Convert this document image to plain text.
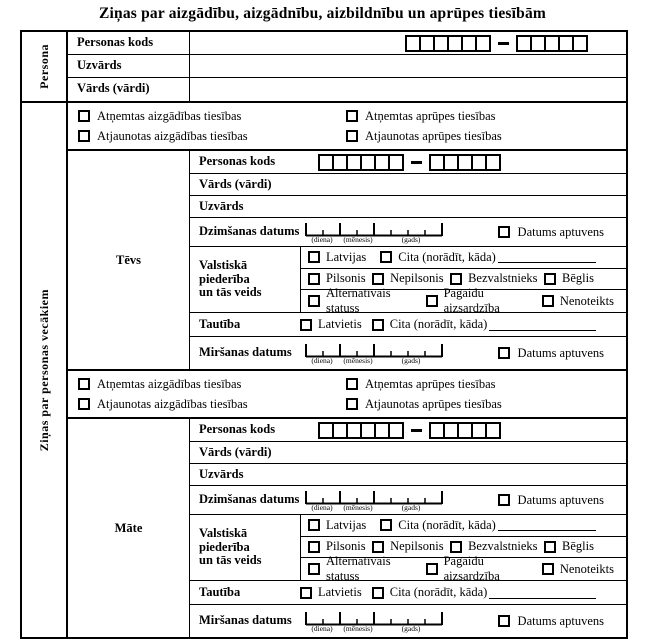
Ziņas par aizgādību, aizgādnību, aizbildnību un aprūpes tiesībām
Persona
Personas kods
Uzvārds
Vārds (vārdi)
Ziņas par personas vecākiem
Atņemtas aizgādības tiesības	Atņemtas aprūpes tiesības
Atjaunotas aizgādības tiesības	Atjaunotas aprūpes tiesības
Tēvs
Personas kods
Vārds (vārdi)
Uzvārds
Dzimšanas datums
(diena)	(mēnesis)	(gads)
Datums aptuvens
Valstiskā piederība
un tās veids
Latvijas	Cita (norādīt, kāda)
Pilsonis Nepilsonis Bezvalstnieks Bēglis
Alternatīvais statuss
Pagaidu aizsardzība
Nenoteikts
Tautība	Latvietis Cita (norādīt, kāda)
Miršanas datums
(diena)	(mēnesis)	(gads)
Datums aptuvens
Atņemtas aizgādības tiesības	Atņemtas aprūpes tiesības
Atjaunotas aizgādības tiesības	Atjaunotas aprūpes tiesības
Māte
Personas kods
Vārds (vārdi)
Uzvārds
Dzimšanas datums
(diena)	(mēnesis)	(gads)
Datums aptuvens
Valstiskā piederība
un tās veids
Latvijas	Cita (norādīt, kāda)
Pilsonis Nepilsonis Bezvalstnieks Bēglis
Alternatīvais statuss
Pagaidu aizsardzība
Nenoteikts
Tautība	Latvietis Cita (norādīt, kāda)
Miršanas datums
(diena)	(mēnesis)	(gads)
Datums aptuvens
